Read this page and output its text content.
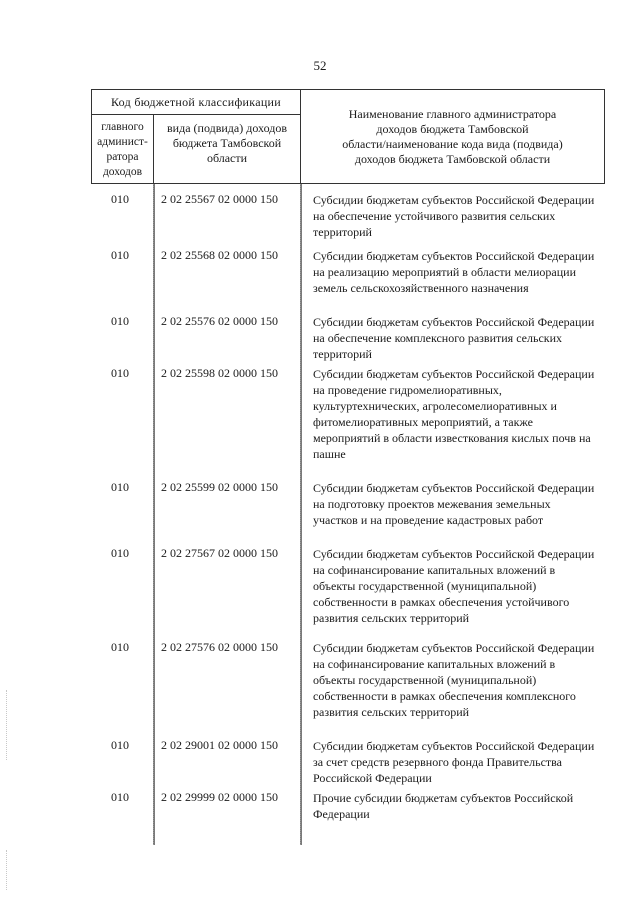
52
Код бюджетной классификации
главного
админист-
ратора
доходов
вида (подвида) доходов
бюджета Тамбовской
области
Наименование главного администратора
доходов бюджета Тамбовской
области/наименование кода вида (подвида)
доходов бюджета Тамбовской области
010	2 02 25567 02 0000 150	Субсидии бюджетам субъектов Российской Федерации на обеспечение устойчивого развития сельских территорий
010	2 02 25568 02 0000 150	Субсидии бюджетам субъектов Российской Федерации на реализацию мероприятий в области мелиорации земель сельскохозяйственного назначения
010	2 02 25576 02 0000 150	Субсидии бюджетам субъектов Российской Федерации на обеспечение комплексного развития сельских территорий
010	2 02 25598 02 0000 150	Субсидии бюджетам субъектов Российской Федерации на проведение гидромелиоративных, культуртехнических, агролесомелиоративных и фитомелиоративных мероприятий, а также мероприятий в области известкования кислых почв на пашне
010	2 02 25599 02 0000 150	Субсидии бюджетам субъектов Российской Федерации на подготовку проектов межевания земельных участков и на проведение кадастровых работ
010	2 02 27567 02 0000 150	Субсидии бюджетам субъектов Российской Федерации на софинансирование капитальных вложений в объекты государственной (муниципальной) собственности в рамках обеспечения устойчивого развития сельских территорий
010	2 02 27576 02 0000 150	Субсидии бюджетам субъектов Российской Федерации на софинансирование капитальных вложений в объекты государственной (муниципальной) собственности в рамках обеспечения комплексного развития сельских территорий
010	2 02 29001 02 0000 150	Субсидии бюджетам субъектов Российской Федерации за счет средств резервного фонда Правительства Российской Федерации
010	2 02 29999 02 0000 150	Прочие субсидии бюджетам субъектов Российской Федерации
